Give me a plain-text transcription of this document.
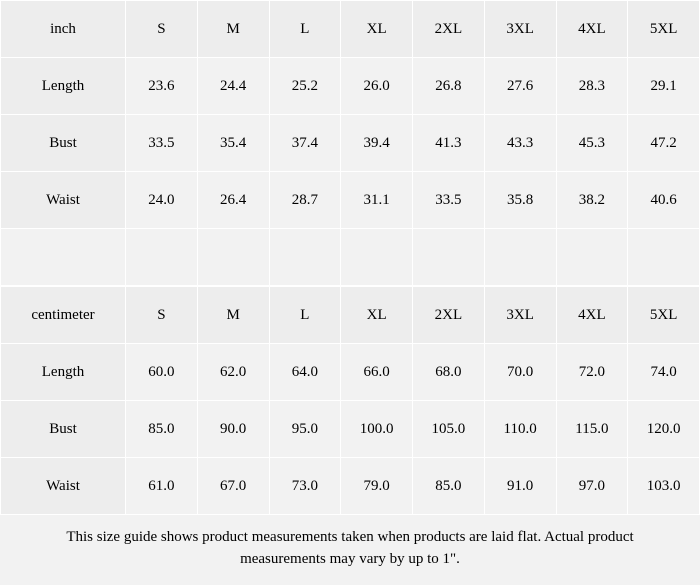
inch	S	M	L	XL	2XL	3XL	4XL	5XL
Length	23.6	24.4	25.2	26.0	26.8	27.6	28.3	29.1
Bust	33.5	35.4	37.4	39.4	41.3	43.3	45.3	47.2
Waist	24.0	26.4	28.7	31.1	33.5	35.8	38.2	40.6

centimeter	S	M	L	XL	2XL	3XL	4XL	5XL
Length	60.0	62.0	64.0	66.0	68.0	70.0	72.0	74.0
Bust	85.0	90.0	95.0	100.0	105.0	110.0	115.0	120.0
Waist	61.0	67.0	73.0	79.0	85.0	91.0	97.0	103.0
This size guide shows product measurements taken when products are laid flat. Actual product
measurements may vary by up to 1".
